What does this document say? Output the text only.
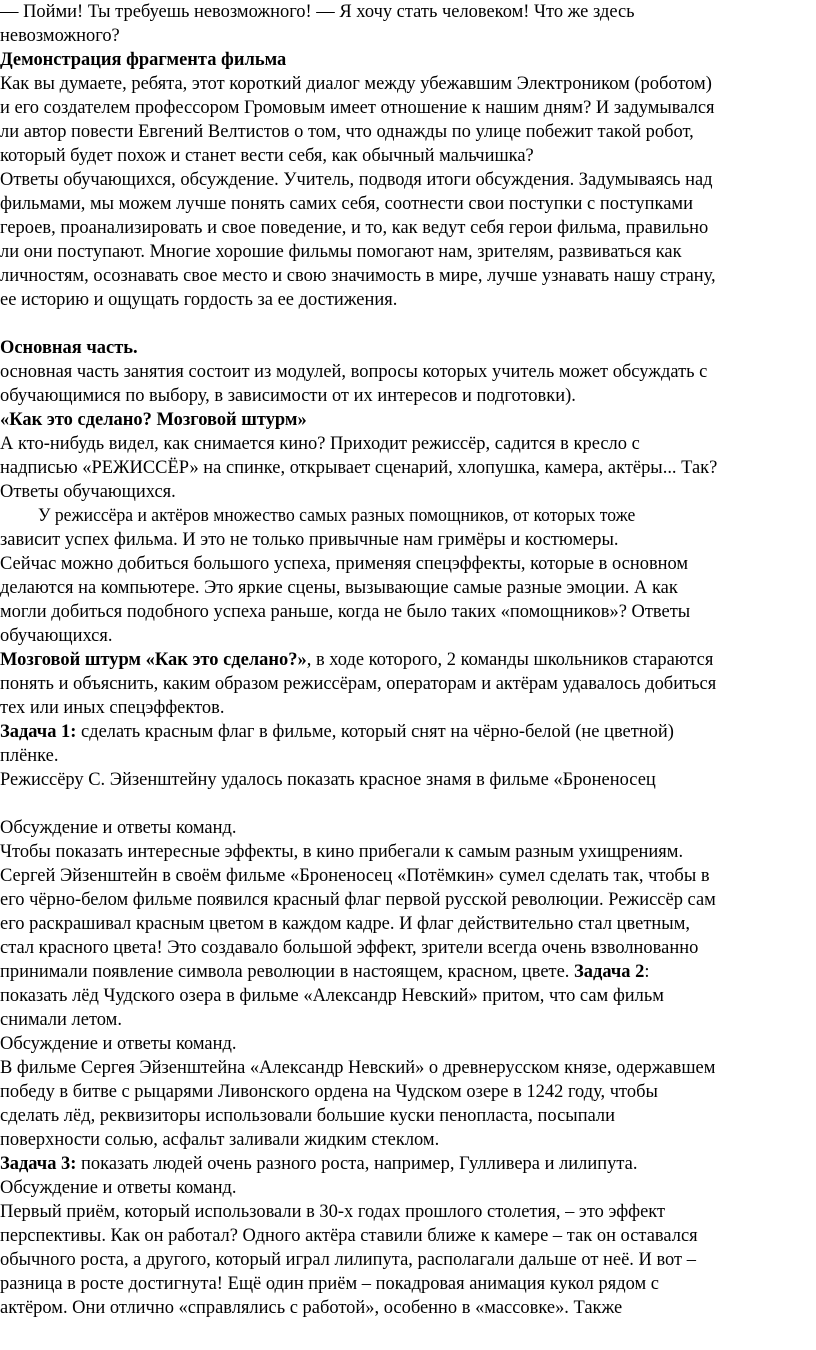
— Пойми! Ты требуешь невозможного! — Я хочу стать человеком! Что же здесь
невозможного?
Демонстрация фрагмента фильма
Как вы думаете, ребята, этот короткий диалог между убежавшим Электроником (роботом)
и его создателем профессором Громовым имеет отношение к нашим дням? И задумывался
ли автор повести Евгений Велтистов о том, что однажды по улице побежит такой робот,
который будет похож и станет вести себя, как обычный мальчишка?
Ответы обучающихся, обсуждение. Учитель, подводя итоги обсуждения. Задумываясь над
фильмами, мы можем лучше понять самих себя, соотнести свои поступки с поступками
героев, проанализировать и свое поведение, и то, как ведут себя герои фильма, правильно
ли они поступают. Многие хорошие фильмы помогают нам, зрителям, развиваться как
личностям, осознавать свое место и свою значимость в мире, лучше узнавать нашу страну,
ее историю и ощущать гордость за ее достижения.
Основная часть.
основная часть занятия состоит из модулей, вопросы которых учитель может обсуждать с
обучающимися по выбору, в зависимости от их интересов и подготовки).
«Как это сделано? Мозговой штурм»
А кто-нибудь видел, как снимается кино? Приходит режиссёр, садится в кресло с
надписью «РЕЖИССЁР» на спинке, открывает сценарий, хлопушка, камера, актёры... Так?
Ответы обучающихся.
У режиссёра и актёров множество самых разных помощников, от которых тоже
зависит успех фильма. И это не только привычные нам гримёры и костюмеры.
Сейчас можно добиться большого успеха, применяя спецэффекты, которые в основном
делаются на компьютере. Это яркие сцены, вызывающие самые разные эмоции. А как
могли добиться подобного успеха раньше, когда не было таких «помощников»? Ответы
обучающихся.
Мозговой штурм «Как это сделано?», в ходе которого, 2 команды школьников стараются
понять и объяснить, каким образом режиссёрам, операторам и актёрам удавалось добиться
тех или иных спецэффектов.
Задача 1: сделать красным флаг в фильме, который снят на чёрно-белой (не цветной)
плёнке.
Режиссёру С. Эйзенштейну удалось показать красное знамя в фильме «Броненосец
Обсуждение и ответы команд.
Чтобы показать интересные эффекты, в кино прибегали к самым разным ухищрениям.
Сергей Эйзенштейн в своём фильме «Броненосец «Потёмкин» сумел сделать так, чтобы в
его чёрно-белом фильме появился красный флаг первой русской революции. Режиссёр сам
его раскрашивал красным цветом в каждом кадре. И флаг действительно стал цветным,
стал красного цвета! Это создавало большой эффект, зрители всегда очень взволнованно
принимали появление символа революции в настоящем, красном, цвете. Задача 2:
показать лёд Чудского озера в фильме «Александр Невский» притом, что сам фильм
снимали летом.
Обсуждение и ответы команд.
В фильме Сергея Эйзенштейна «Александр Невский» о древнерусском князе, одержавшем
победу в битве с рыцарями Ливонского ордена на Чудском озере в 1242 году, чтобы
сделать лёд, реквизиторы использовали большие куски пенопласта, посыпали
поверхности солью, асфальт заливали жидким стеклом.
Задача 3: показать людей очень разного роста, например, Гулливера и лилипута.
Обсуждение и ответы команд.
Первый приём, который использовали в 30-х годах прошлого столетия, – это эффект
перспективы. Как он работал? Одного актёра ставили ближе к камере – так он оставался
обычного роста, а другого, который играл лилипута, располагали дальше от неё. И вот –
разница в росте достигнута! Ещё один приём – покадровая анимация кукол рядом с
актёром. Они отлично «справлялись с работой», особенно в «массовке». Также
